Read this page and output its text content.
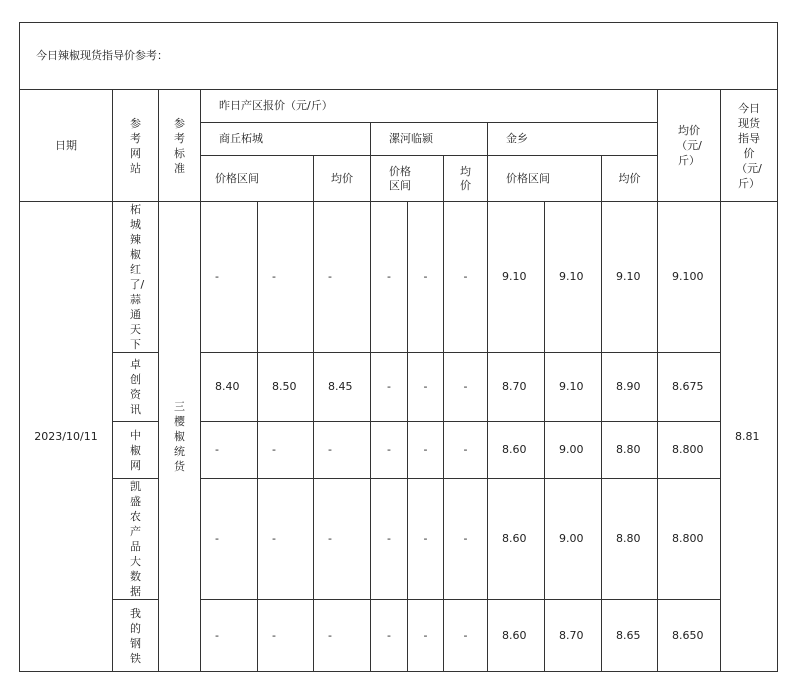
今日辣椒现货指导价参考：													
日期	参考网站	参考标准	昨日产区报价（元/斤）									均价（元/斤）	今日现货指导价（元/斤）
			商丘柘城			漯河临颍			金乡				
			价格区间		均价	价格区间		均价	价格区间		均价		
2023/10/11	柘城辣椒红了/蒜通天下	三樱椒统货	-	-	-	-	-	-	9.10	9.10	9.10	9.100	8.81
	卓创资讯		8.40	8.50	8.45	-	-	-	8.70	9.10	8.90	8.675	
	中椒网		-	-	-	-	-	-	8.60	9.00	8.80	8.800	
	凯盛农产品大数据		-	-	-	-	-	-	8.60	9.00	8.80	8.800	
	我的钢铁		-	-	-	-	-	-	8.60	8.70	8.65	8.650	
